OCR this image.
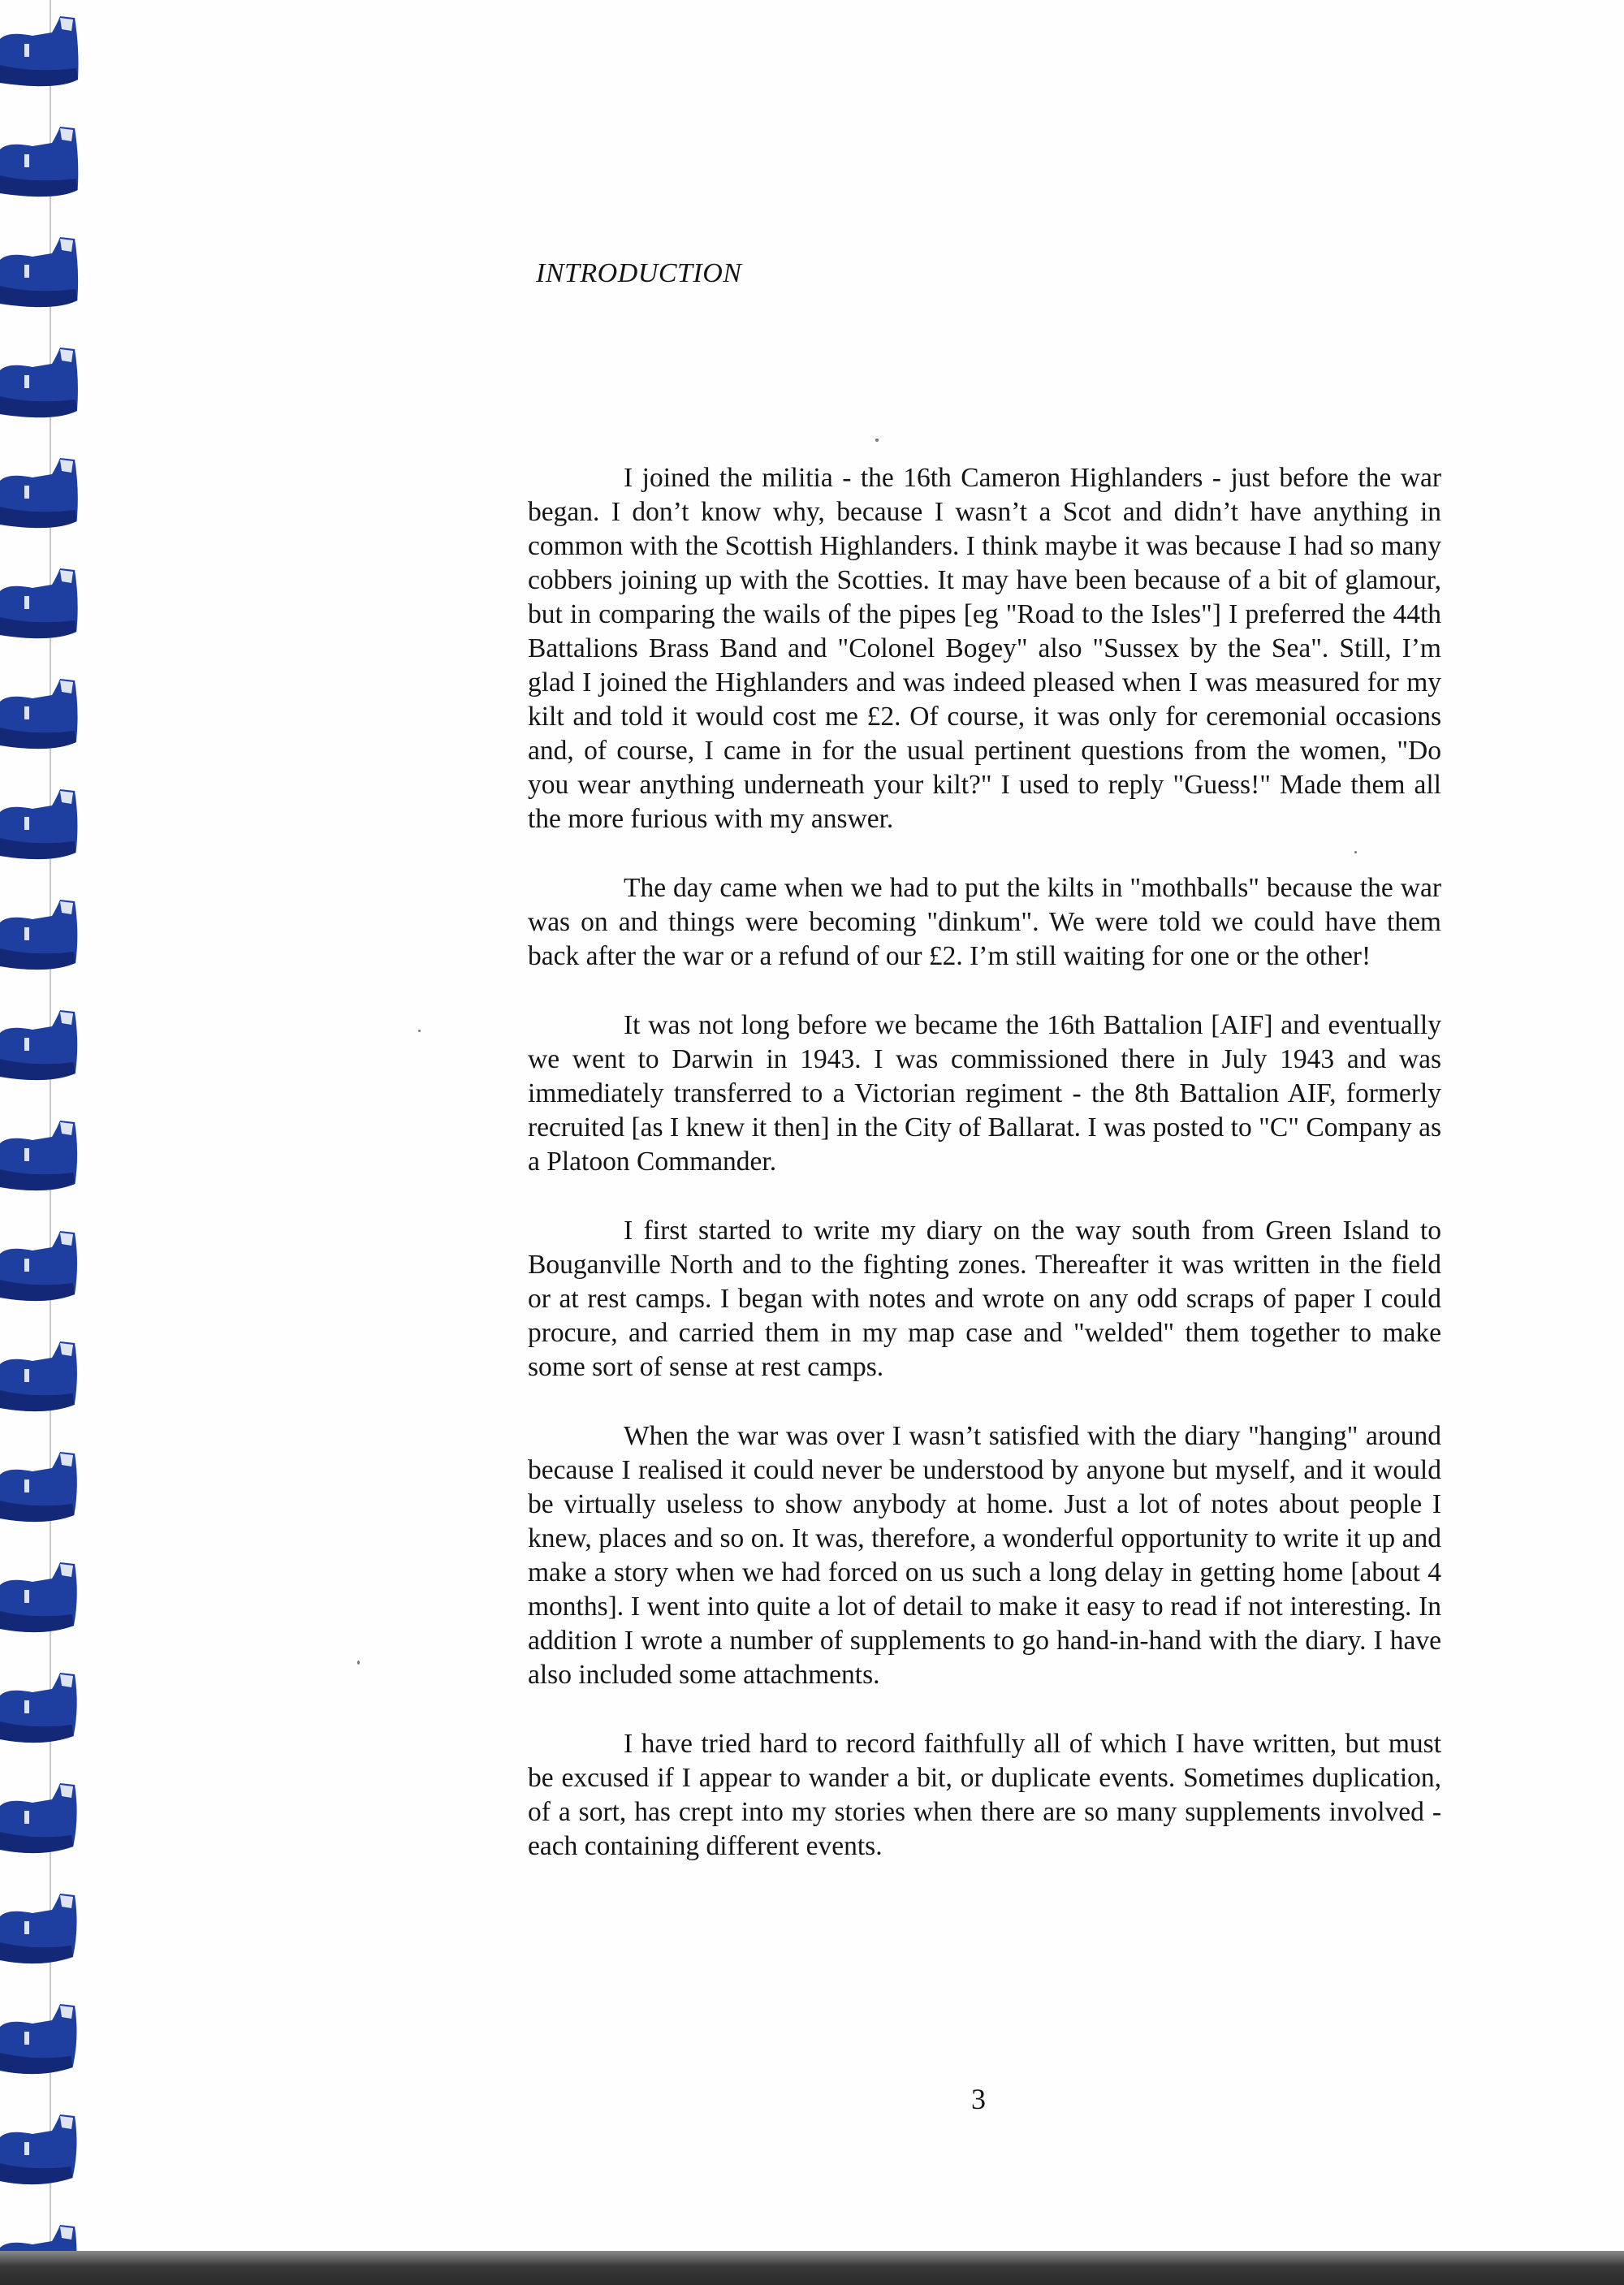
INTRODUCTION

I joined the militia - the 16th Cameron Highlanders - just before the war began. I don’t know why, because I wasn’t a Scot and didn’t have anything in common with the Scottish Highlanders. I think maybe it was because I had so many cobbers joining up with the Scotties. It may have been because of a bit of glamour, but in comparing the wails of the pipes [eg "Road to the Isles"] I preferred the 44th Battalions Brass Band and "Colonel Bogey" also "Sussex by the Sea". Still, I’m glad I joined the Highlanders and was indeed pleased when I was measured for my kilt and told it would cost me £2. Of course, it was only for ceremonial occasions and, of course, I came in for the usual pertinent questions from the women, "Do you wear anything underneath your kilt?" I used to reply "Guess!" Made them all the more furious with my answer.

The day came when we had to put the kilts in "mothballs" because the war was on and things were becoming "dinkum". We were told we could have them back after the war or a refund of our £2. I’m still waiting for one or the other!

It was not long before we became the 16th Battalion [AIF] and eventually we went to Darwin in 1943. I was commissioned there in July 1943 and was immediately transferred to a Victorian regiment - the 8th Battalion AIF, formerly recruited [as I knew it then] in the City of Ballarat. I was posted to "C" Company as a Platoon Commander.

I first started to write my diary on the way south from Green Island to Bouganville North and to the fighting zones. Thereafter it was written in the field or at rest camps. I began with notes and wrote on any odd scraps of paper I could procure, and carried them in my map case and "welded" them together to make some sort of sense at rest camps.

When the war was over I wasn’t satisfied with the diary "hanging" around because I realised it could never be understood by anyone but myself, and it would be virtually useless to show anybody at home. Just a lot of notes about people I knew, places and so on. It was, therefore, a wonderful opportunity to write it up and make a story when we had forced on us such a long delay in getting home [about 4 months]. I went into quite a lot of detail to make it easy to read if not interesting. In addition I wrote a number of supplements to go hand-in-hand with the diary. I have also included some attachments.

I have tried hard to record faithfully all of which I have written, but must be excused if I appear to wander a bit, or duplicate events. Sometimes duplication, of a sort, has crept into my stories when there are so many supplements involved - each containing different events.

3
